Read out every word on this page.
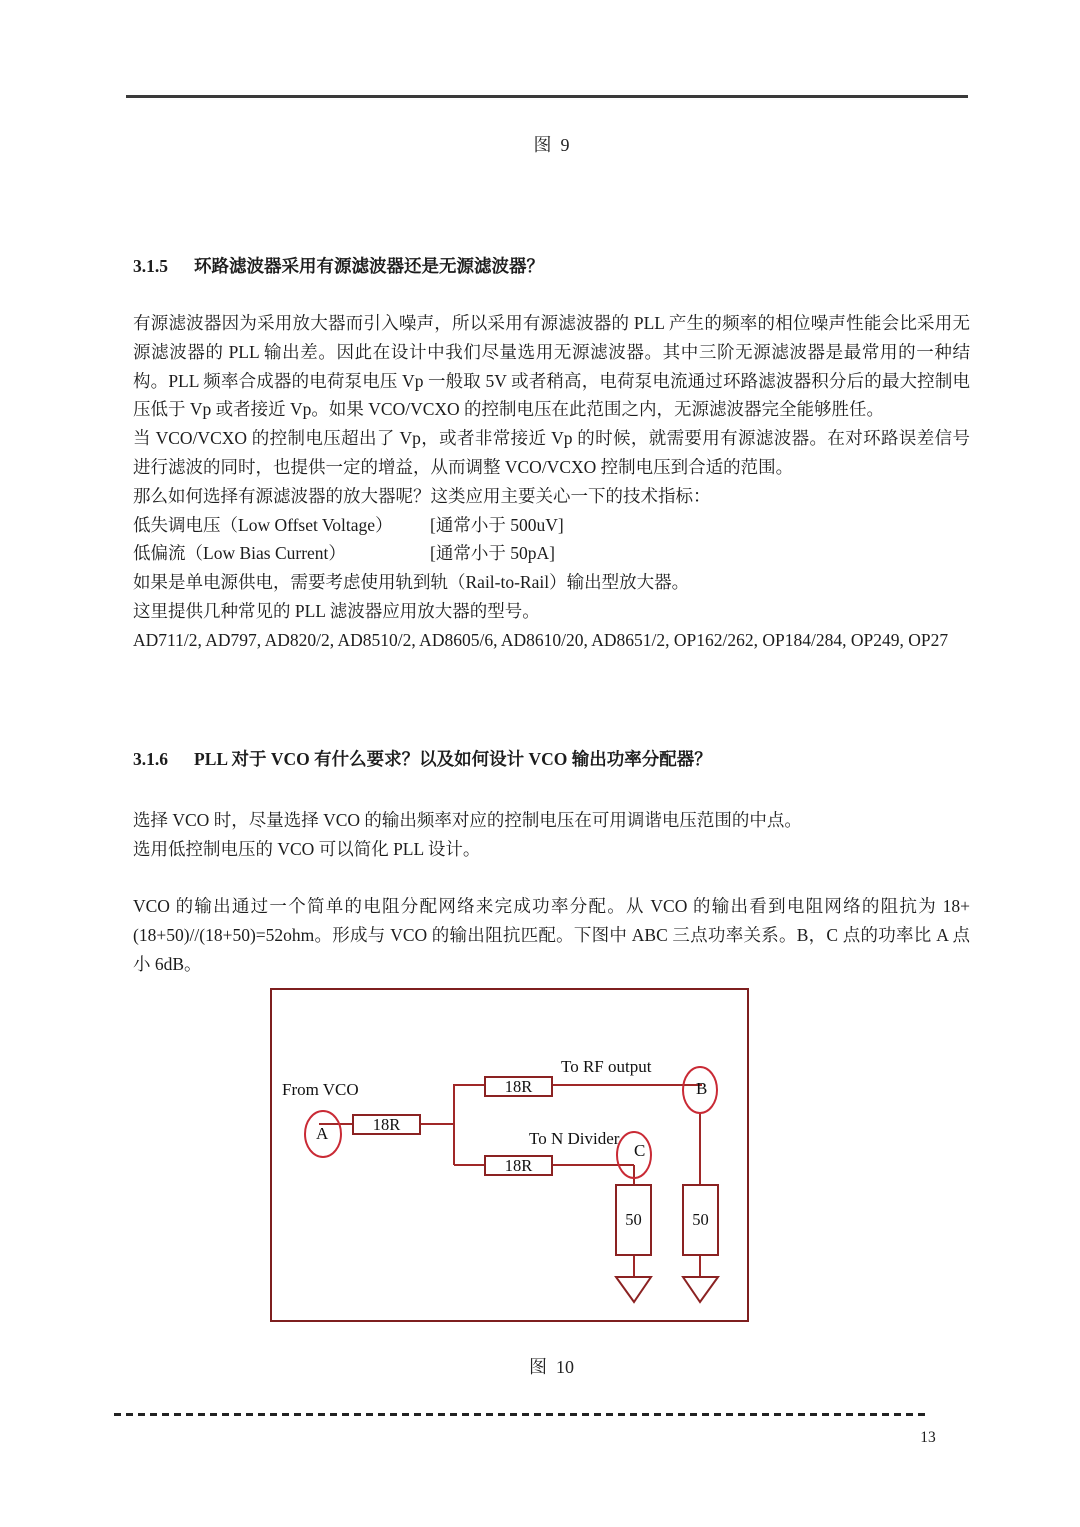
图  9
3.1.5 环路滤波器采用有源滤波器还是无源滤波器？

有源滤波器因为采用放大器而引入噪声，所以采用有源滤波器的 PLL 产生的频率的相位噪声性能会比采用无源滤波器的 PLL 输出差。因此在设计中我们尽量选用无源滤波器。其中三阶无源滤波器是最常用的一种结构。PLL 频率合成器的电荷泵电压 Vp 一般取 5V 或者稍高，电荷泵电流通过环路滤波器积分后的最大控制电压低于 Vp 或者接近 Vp。如果 VCO/VCXO 的控制电压在此范围之内，无源滤波器完全能够胜任。

当 VCO/VCXO 的控制电压超出了 Vp，或者非常接近 Vp 的时候，就需要用有源滤波器。在对环路误差信号进行滤波的同时，也提供一定的增益，从而调整 VCO/VCXO 控制电压到合适的范围。

那么如何选择有源滤波器的放大器呢？这类应用主要关心一下的技术指标：

低失调电压（Low Offset Voltage）	[通常小于 500uV]
低偏流（Low Bias Current）	[通常小于 50pA]

如果是单电源供电，需要考虑使用轨到轨（Rail-to-Rail）输出型放大器。

这里提供几种常见的 PLL 滤波器应用放大器的型号。

AD711/2, AD797, AD820/2, AD8510/2, AD8605/6, AD8610/20, AD8651/2, OP162/262, OP184/284, OP249, OP27

3.1.6 PLL 对于 VCO 有什么要求？以及如何设计 VCO 输出功率分配器？

选择 VCO 时，尽量选择 VCO 的输出频率对应的控制电压在可用调谐电压范围的中点。

选用低控制电压的 VCO 可以简化 PLL 设计。

VCO 的输出通过一个简单的电阻分配网络来完成功率分配。从 VCO 的输出看到电阻网络的阻抗为 18+(18+50)//(18+50)=52ohm。形成与 VCO 的输出阻抗匹配。下图中 ABC 三点功率关系。B，C 点的功率比 A 点小 6dB。

From VCO
To RF output
To N Divider
A
B
C
18R
18R
18R
50	50
图  10
13
